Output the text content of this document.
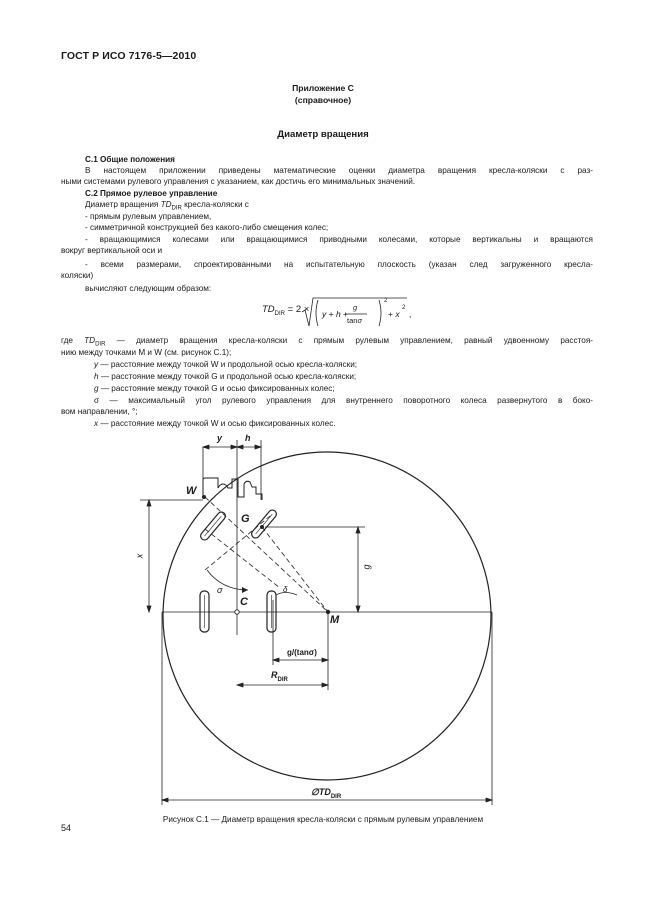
ГОСТ Р ИСО 7176-5—2010
Приложение С
(справочное)
Диаметр вращения
С.1 Общие положения
В настоящем приложении приведены математические оценки диаметра вращения кресла-коляски с раз-
ными системами рулевого управления с указанием, как достичь его минимальных значений.
С.2 Прямое рулевое управление
Диаметр вращения $TD_{DIR}$ кресла-коляски с
- прямым рулевым управлением,
- симметричной конструкцией без какого-либо смещения колес;
- вращающимися колесами или вращающимися приводными колесами, которые вертикальны и вращаются
вокруг вертикальной оси и
- всеми размерами, спроектированными на испытательную плоскость (указан след загруженного кресла-
коляски)
вычисляют следующим образом:
$TD_{DIR} = 2 \times y + h$ +
g
tanσ
2
+ x
2
,
где $TD_{DIR}$ — диаметр вращения кресла-коляски с прямым рулевым управлением, равный удвоенному расстоя-
нию между точками M и W (см. рисунок С.1);
y — расстояние между точкой W и продольной осью кресла-коляски;
h — расстояние между точкой G и продольной осью кресла-коляски;
g — расстояние между точкой G и осью фиксированных колес;
σ — максимальный угол рулевого управления для внутреннего поворотного колеса развернутого в боко-
вом направлении, °;
x — расстояние между точкой W и осью фиксированных колес.
y	h
W
G
C
M
x
g
σ	δ
g/(tanσ)
$R_{DIR}$
$\emptyset TD_{DIR}$
Рисунок С.1 — Диаметр вращения кресла-коляски с прямым рулевым управлением
54
